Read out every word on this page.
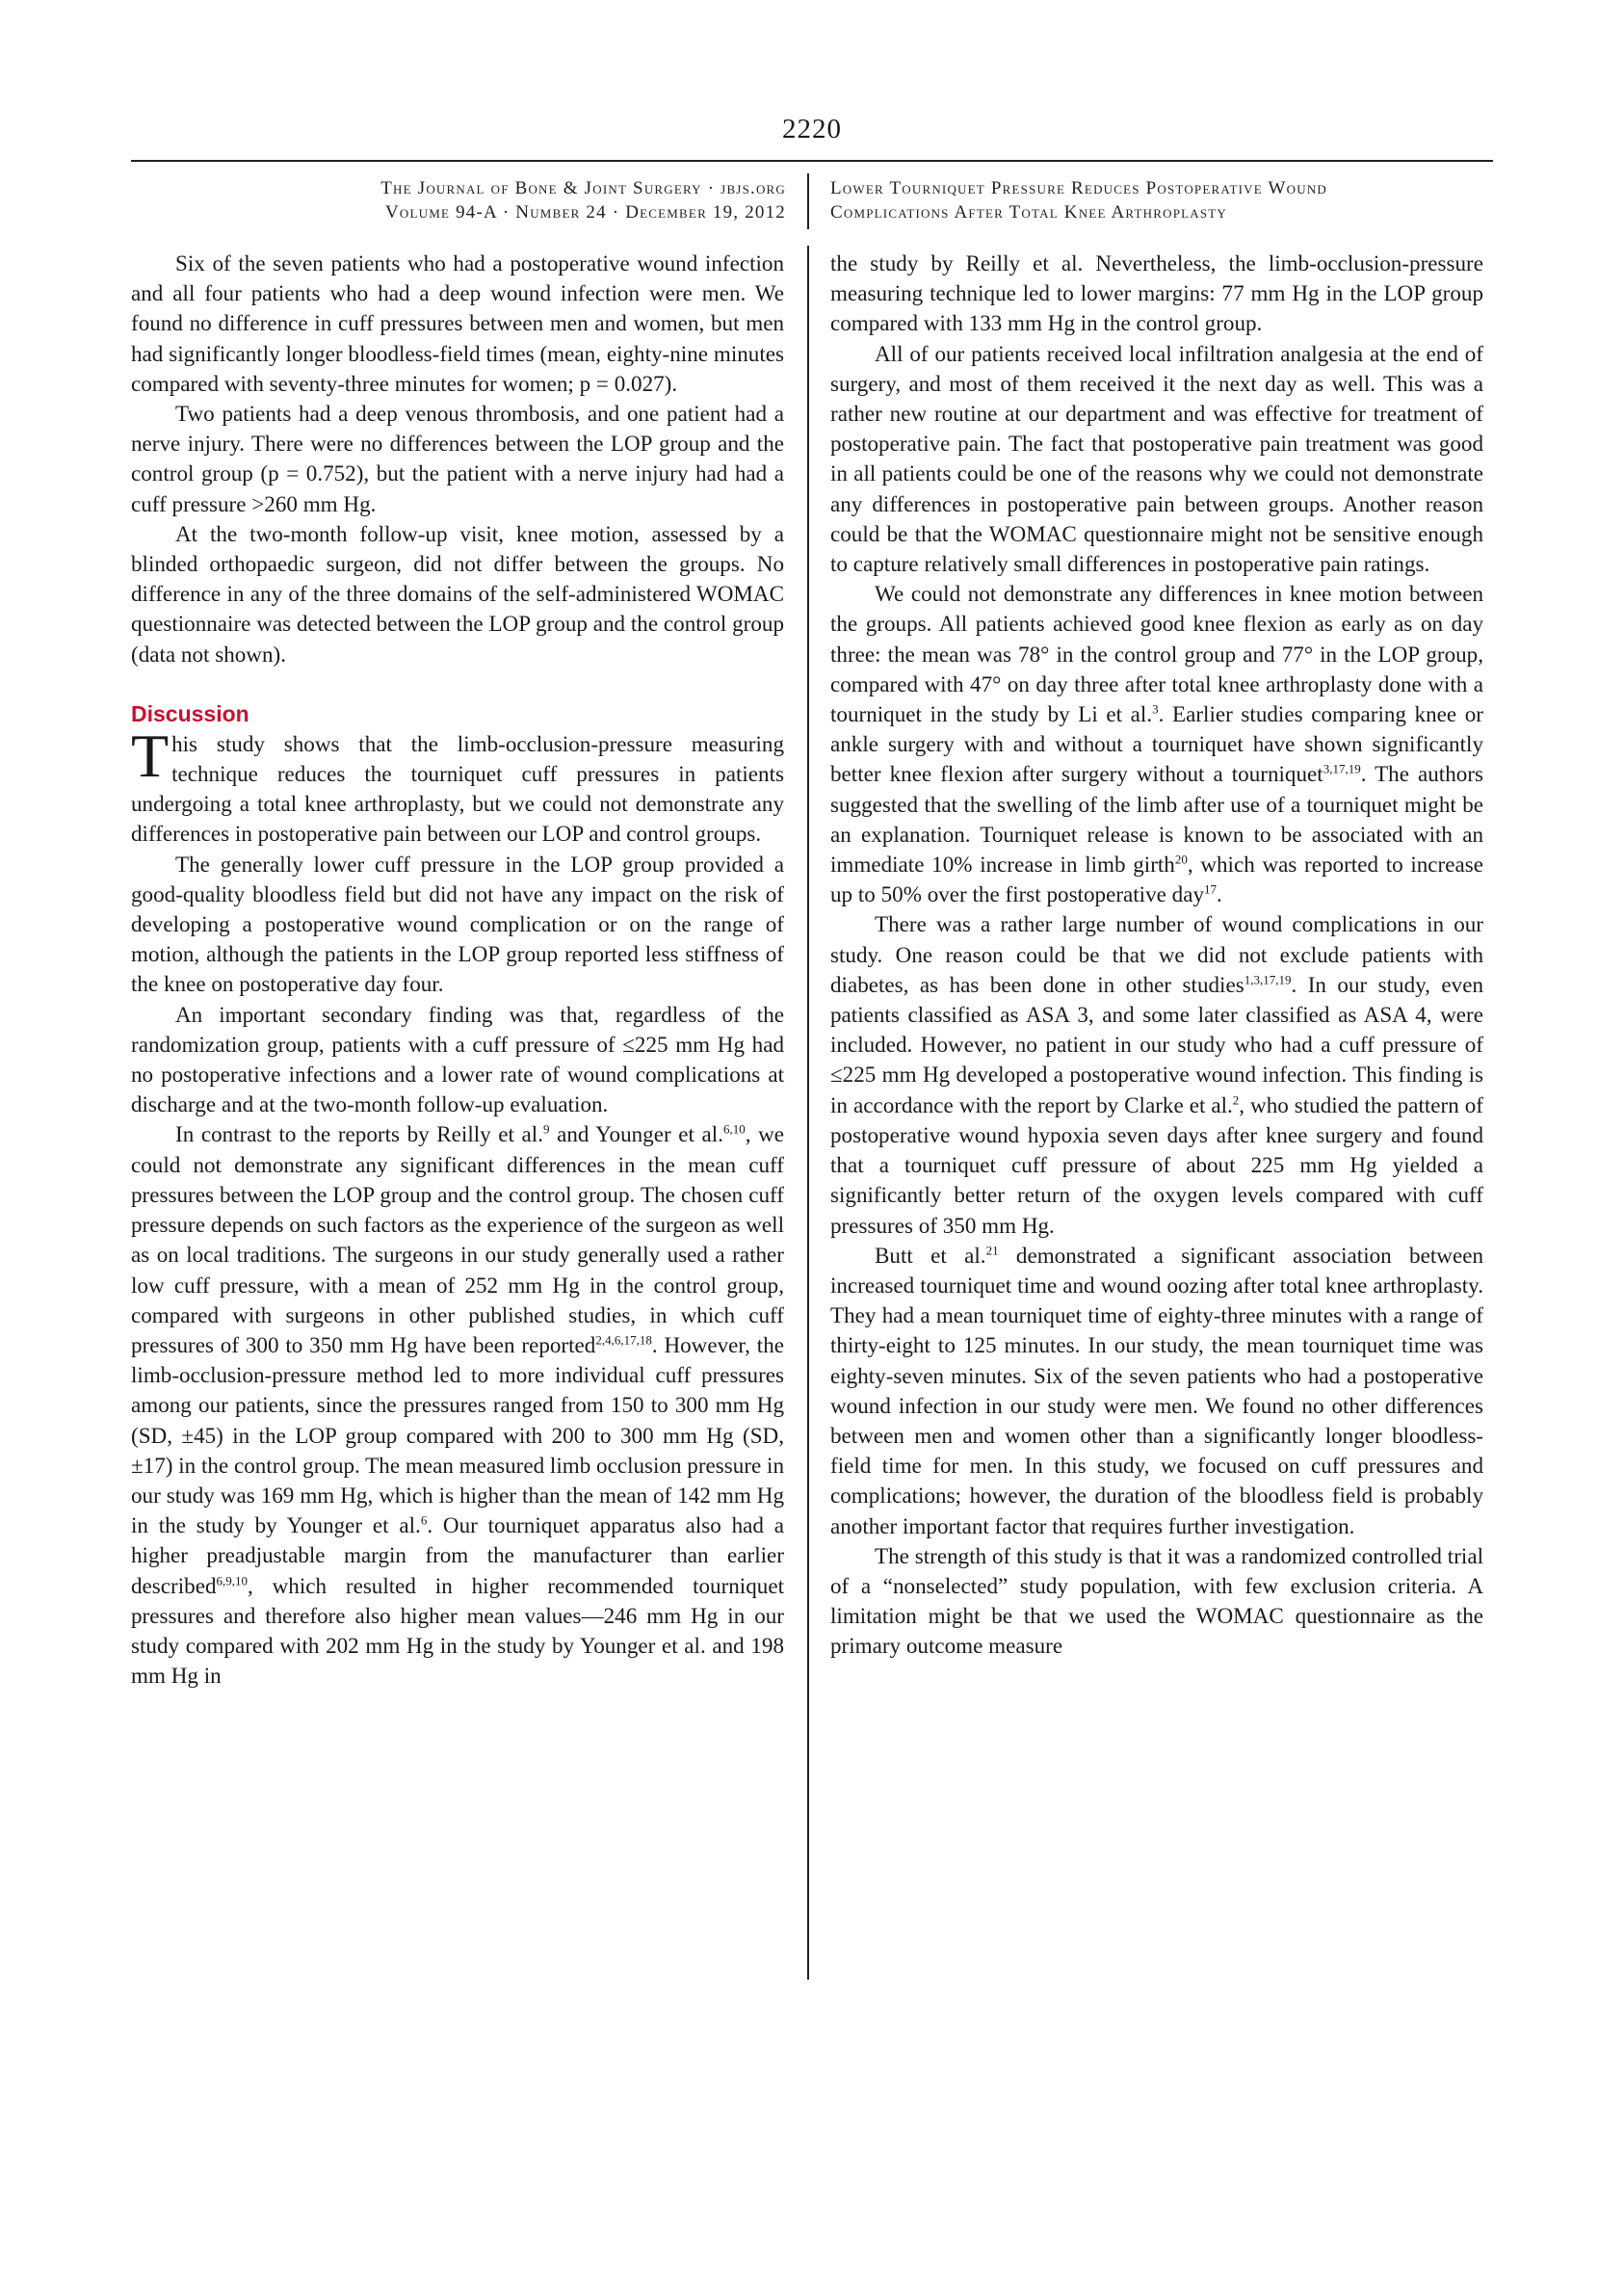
2220
The Journal of Bone & Joint Surgery · jbjs.org
Volume 94-A · Number 24 · December 19, 2012
Lower Tourniquet Pressure Reduces Postoperative Wound
Complications After Total Knee Arthroplasty

Six of the seven patients who had a postoperative wound infection and all four patients who had a deep wound infection were men. We found no difference in cuff pressures between men and women, but men had significantly longer bloodless-field times (mean, eighty-nine minutes compared with seventy-three minutes for women; p = 0.027).

Two patients had a deep venous thrombosis, and one patient had a nerve injury. There were no differences between the LOP group and the control group (p = 0.752), but the patient with a nerve injury had had a cuff pressure >260 mm Hg.

At the two-month follow-up visit, knee motion, assessed by a blinded orthopaedic surgeon, did not differ between the groups. No difference in any of the three domains of the self-administered WOMAC questionnaire was detected between the LOP group and the control group (data not shown).

Discussion

This study shows that the limb-occlusion-pressure measuring technique reduces the tourniquet cuff pressures in patients undergoing a total knee arthroplasty, but we could not demonstrate any differences in postoperative pain between our LOP and control groups.

The generally lower cuff pressure in the LOP group provided a good-quality bloodless field but did not have any impact on the risk of developing a postoperative wound complication or on the range of motion, although the patients in the LOP group reported less stiffness of the knee on postoperative day four.

An important secondary finding was that, regardless of the randomization group, patients with a cuff pressure of ≤225 mm Hg had no postoperative infections and a lower rate of wound complications at discharge and at the two-month follow-up evaluation.

In contrast to the reports by Reilly et al.$^9$ and Younger et al.$^{6,10}$, we could not demonstrate any significant differences in the mean cuff pressures between the LOP group and the control group. The chosen cuff pressure depends on such factors as the experience of the surgeon as well as on local traditions. The surgeons in our study generally used a rather low cuff pressure, with a mean of 252 mm Hg in the control group, compared with surgeons in other published studies, in which cuff pressures of 300 to 350 mm Hg have been reported$^{2,4,6,17,18}$. However, the limb-occlusion-pressure method led to more individual cuff pressures among our patients, since the pressures ranged from 150 to 300 mm Hg (SD, ±45) in the LOP group compared with 200 to 300 mm Hg (SD, ±17) in the control group. The mean measured limb occlusion pressure in our study was 169 mm Hg, which is higher than the mean of 142 mm Hg in the study by Younger et al.$^6$. Our tourniquet apparatus also had a higher preadjustable margin from the manufacturer than earlier described$^{6,9,10}$, which resulted in higher recommended tourniquet pressures and therefore also higher mean values—246 mm Hg in our study compared with 202 mm Hg in the study by Younger et al. and 198 mm Hg in

the study by Reilly et al. Nevertheless, the limb-occlusion-pressure measuring technique led to lower margins: 77 mm Hg in the LOP group compared with 133 mm Hg in the control group.

All of our patients received local infiltration analgesia at the end of surgery, and most of them received it the next day as well. This was a rather new routine at our department and was effective for treatment of postoperative pain. The fact that postoperative pain treatment was good in all patients could be one of the reasons why we could not demonstrate any differences in postoperative pain between groups. Another reason could be that the WOMAC questionnaire might not be sensitive enough to capture relatively small differences in postoperative pain ratings.

We could not demonstrate any differences in knee motion between the groups. All patients achieved good knee flexion as early as on day three: the mean was 78° in the control group and 77° in the LOP group, compared with 47° on day three after total knee arthroplasty done with a tourniquet in the study by Li et al.$^3$. Earlier studies comparing knee or ankle surgery with and without a tourniquet have shown significantly better knee flexion after surgery without a tourniquet$^{3,17,19}$. The authors suggested that the swelling of the limb after use of a tourniquet might be an explanation. Tourniquet release is known to be associated with an immediate 10% increase in limb girth$^{20}$, which was reported to increase up to 50% over the first postoperative day$^{17}$.

There was a rather large number of wound complications in our study. One reason could be that we did not exclude patients with diabetes, as has been done in other studies$^{1,3,17,19}$. In our study, even patients classified as ASA 3, and some later classified as ASA 4, were included. However, no patient in our study who had a cuff pressure of ≤225 mm Hg developed a postoperative wound infection. This finding is in accordance with the report by Clarke et al.$^2$, who studied the pattern of postoperative wound hypoxia seven days after knee surgery and found that a tourniquet cuff pressure of about 225 mm Hg yielded a significantly better return of the oxygen levels compared with cuff pressures of 350 mm Hg.

Butt et al.$^{21}$ demonstrated a significant association between increased tourniquet time and wound oozing after total knee arthroplasty. They had a mean tourniquet time of eighty-three minutes with a range of thirty-eight to 125 minutes. In our study, the mean tourniquet time was eighty-seven minutes. Six of the seven patients who had a postoperative wound infection in our study were men. We found no other differences between men and women other than a significantly longer bloodless-field time for men. In this study, we focused on cuff pressures and complications; however, the duration of the bloodless field is probably another important factor that requires further investigation.

The strength of this study is that it was a randomized controlled trial of a “nonselected” study population, with few exclusion criteria. A limitation might be that we used the WOMAC questionnaire as the primary outcome measure
